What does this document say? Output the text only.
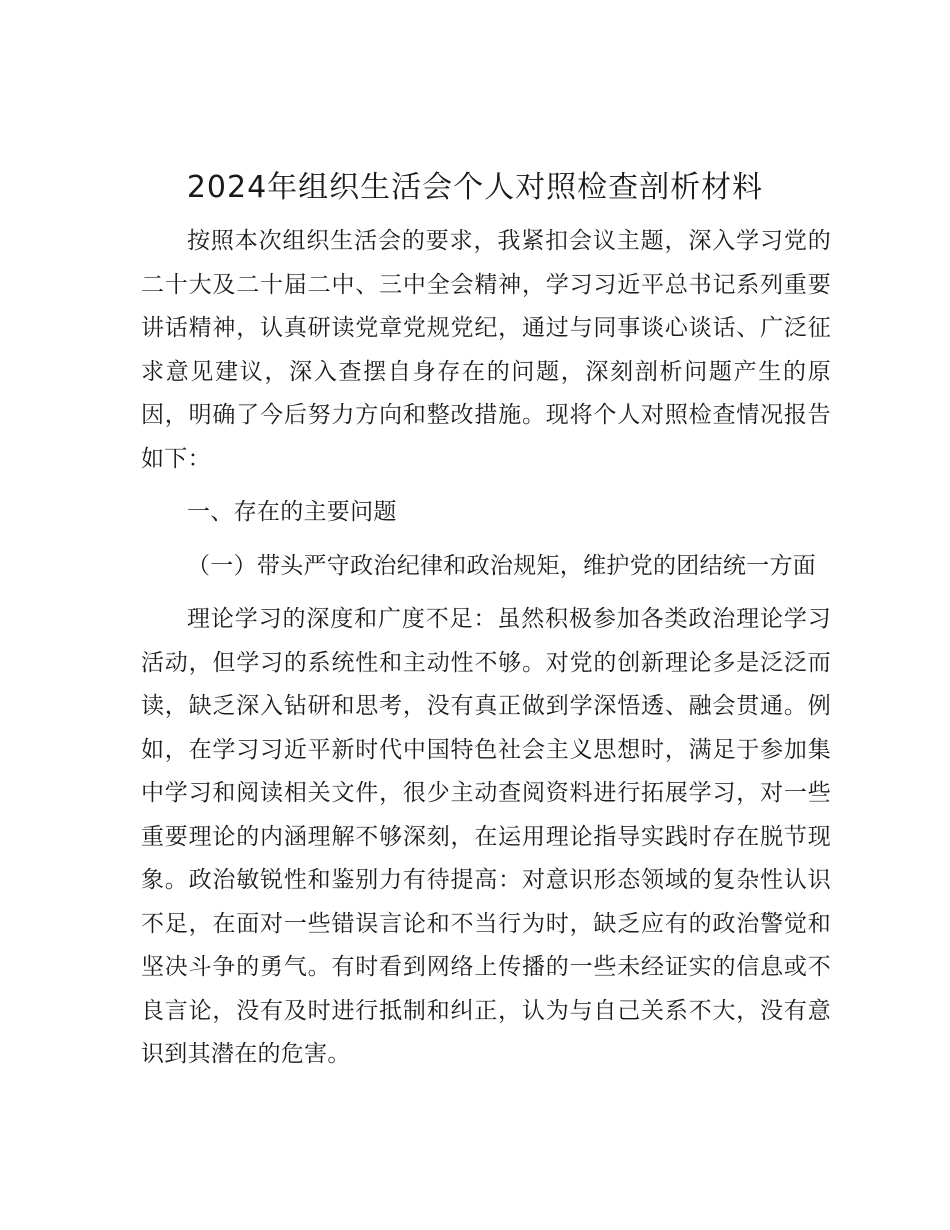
2024年组织生活会个人对照检查剖析材料

按照本次组织生活会的要求，我紧扣会议主题，深入学习党的二十大及二十届二中、三中全会精神，学习习近平总书记系列重要讲话精神，认真研读党章党规党纪，通过与同事谈心谈话、广泛征求意见建议，深入查摆自身存在的问题，深刻剖析问题产生的原因，明确了今后努力方向和整改措施。现将个人对照检查情况报告如下：

一、存在的主要问题

（一）带头严守政治纪律和政治规矩，维护党的团结统一方面

理论学习的深度和广度不足：虽然积极参加各类政治理论学习活动，但学习的系统性和主动性不够。对党的创新理论多是泛泛而读，缺乏深入钻研和思考，没有真正做到学深悟透、融会贯通。例如，在学习习近平新时代中国特色社会主义思想时，满足于参加集中学习和阅读相关文件，很少主动查阅资料进行拓展学习，对一些重要理论的内涵理解不够深刻，在运用理论指导实践时存在脱节现象。政治敏锐性和鉴别力有待提高：对意识形态领域的复杂性认识不足，在面对一些错误言论和不当行为时，缺乏应有的政治警觉和坚决斗争的勇气。有时看到网络上传播的一些未经证实的信息或不良言论，没有及时进行抵制和纠正，认为与自己关系不大，没有意识到其潜在的危害。
